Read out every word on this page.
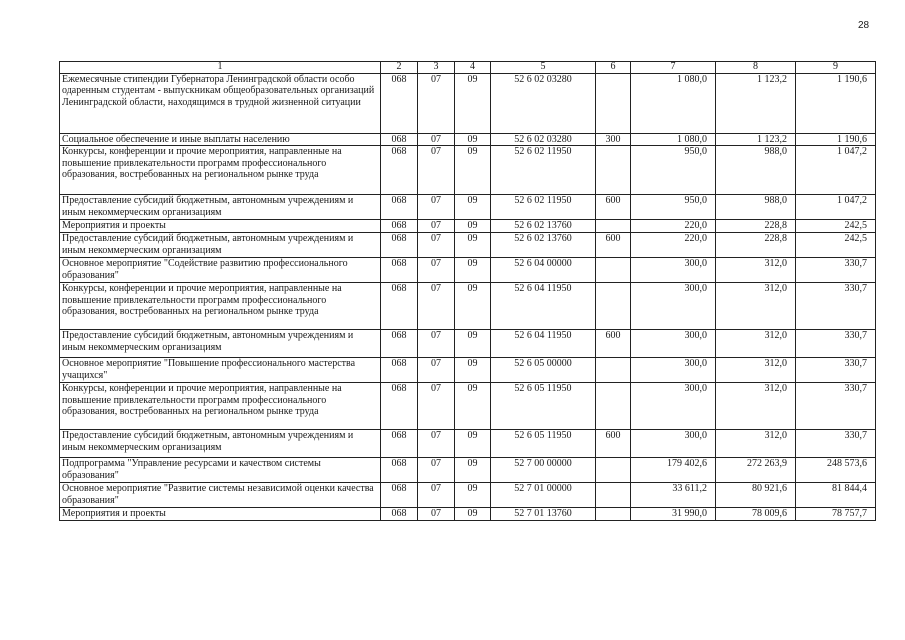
28
1	2	3	4	5	6	7	8	9
Ежемесячные стипендии Губернатора Ленинградской области особо одаренным студентам - выпускникам общеобразовательных организаций Ленинградской области, находящимся в трудной жизненной ситуации	068	07	09	52 6 02 03280		1 080,0	1 123,2	1 190,6
Социальное обеспечение и иные выплаты населению	068	07	09	52 6 02 03280	300	1 080,0	1 123,2	1 190,6
Конкурсы, конференции и прочие мероприятия, направленные на повышение привлекательности программ профессионального образования, востребованных на региональном рынке труда	068	07	09	52 6 02 11950		950,0	988,0	1 047,2
Предоставление субсидий бюджетным, автономным учреждениям и иным некоммерческим организациям	068	07	09	52 6 02 11950	600	950,0	988,0	1 047,2
Мероприятия и проекты	068	07	09	52 6 02 13760		220,0	228,8	242,5
Предоставление субсидий бюджетным, автономным учреждениям и иным некоммерческим организациям	068	07	09	52 6 02 13760	600	220,0	228,8	242,5
Основное мероприятие "Содействие развитию профессионального образования"	068	07	09	52 6 04 00000		300,0	312,0	330,7
Конкурсы, конференции и прочие мероприятия, направленные на повышение привлекательности программ профессионального образования, востребованных на региональном рынке труда	068	07	09	52 6 04 11950		300,0	312,0	330,7
Предоставление субсидий бюджетным, автономным учреждениям и иным некоммерческим организациям	068	07	09	52 6 04 11950	600	300,0	312,0	330,7
Основное мероприятие "Повышение профессионального мастерства учащихся"	068	07	09	52 6 05 00000		300,0	312,0	330,7
Конкурсы, конференции и прочие мероприятия, направленные на повышение привлекательности программ профессионального образования, востребованных на региональном рынке труда	068	07	09	52 6 05 11950		300,0	312,0	330,7
Предоставление субсидий бюджетным, автономным учреждениям и иным некоммерческим организациям	068	07	09	52 6 05 11950	600	300,0	312,0	330,7
Подпрограмма "Управление ресурсами и качеством системы образования"	068	07	09	52 7 00 00000		179 402,6	272 263,9	248 573,6
Основное мероприятие "Развитие системы независимой оценки качества образования"	068	07	09	52 7 01 00000		33 611,2	80 921,6	81 844,4
Мероприятия и проекты	068	07	09	52 7 01 13760		31 990,0	78 009,6	78 757,7
